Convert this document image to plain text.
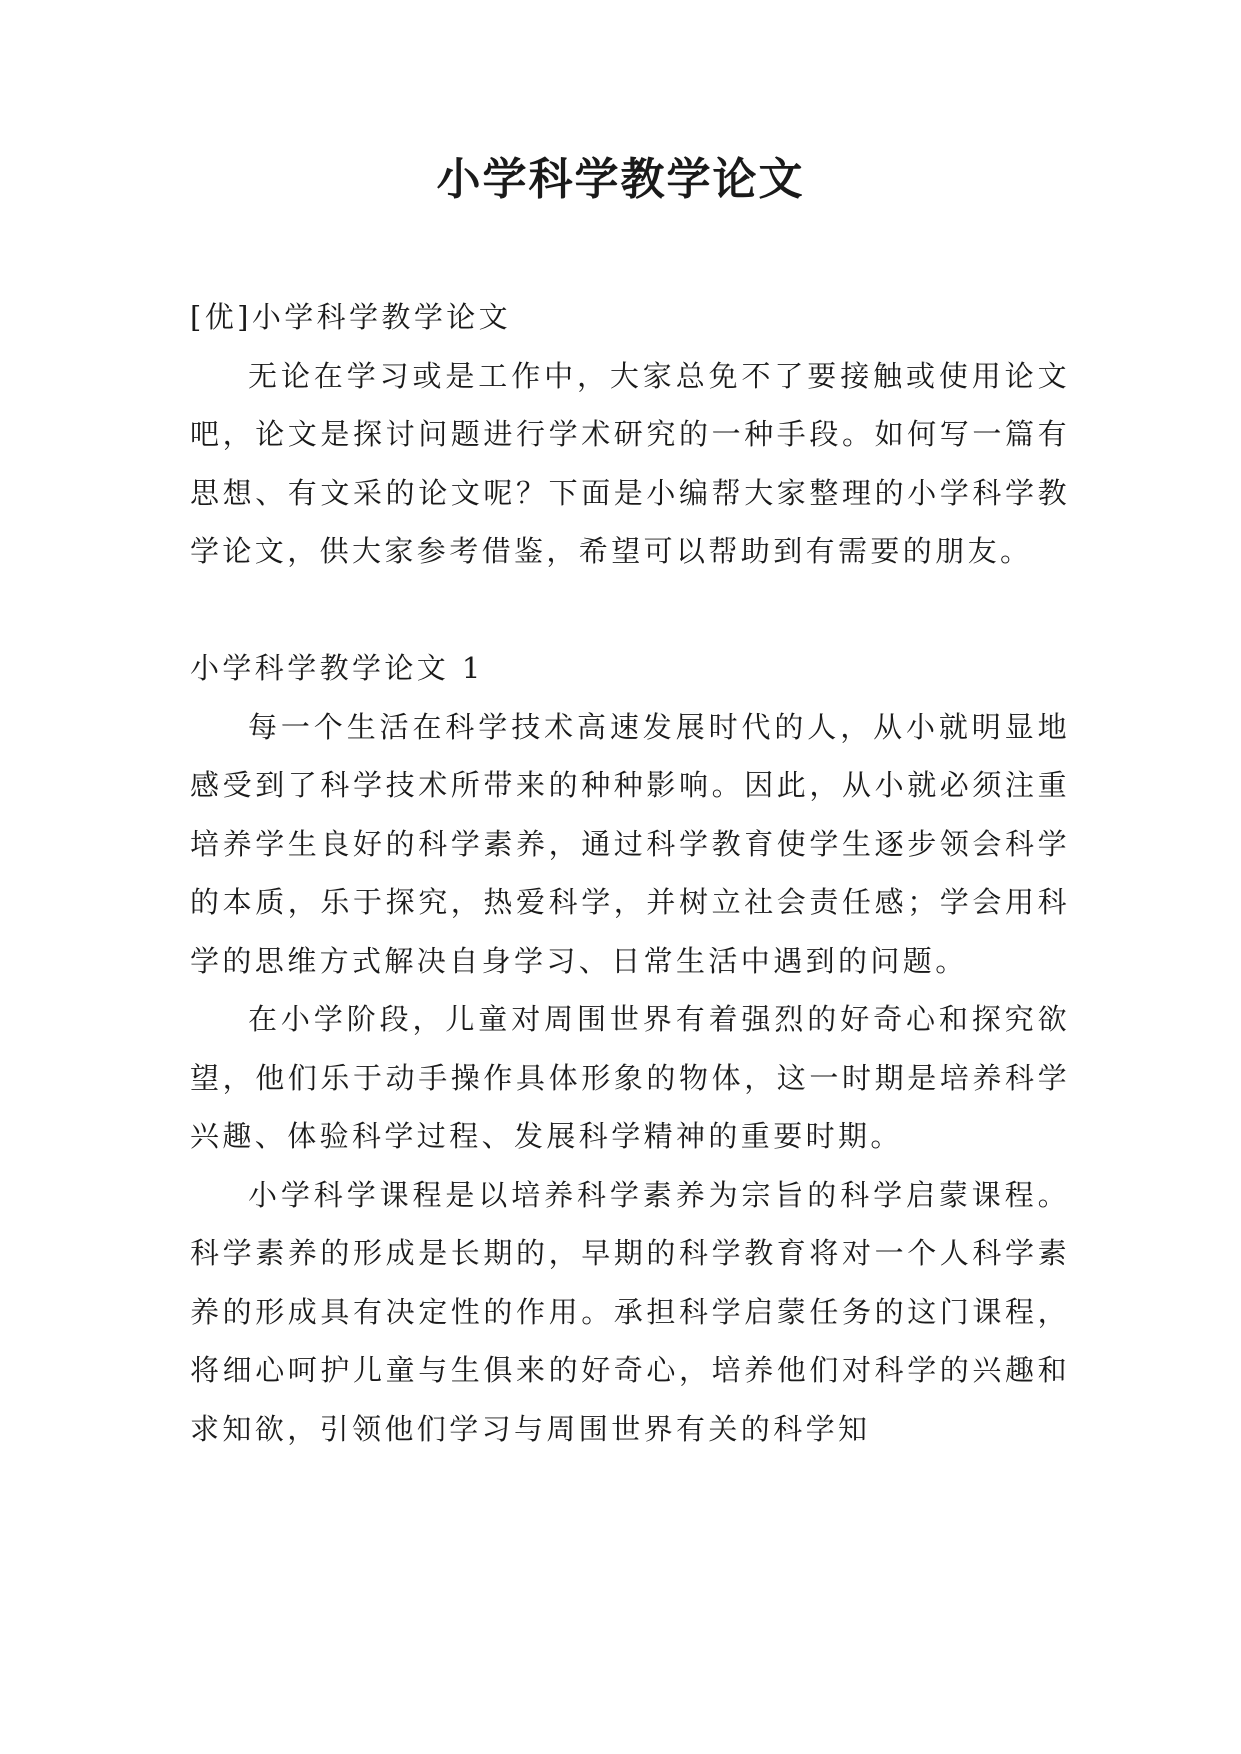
小学科学教学论文

[优]小学科学教学论文

无论在学习或是工作中，大家总免不了要接触或使用论文吧，论文是探讨问题进行学术研究的一种手段。如何写一篇有思想、有文采的论文呢？下面是小编帮大家整理的小学科学教学论文，供大家参考借鉴，希望可以帮助到有需要的朋友。

小学科学教学论文 1

每一个生活在科学技术高速发展时代的人，从小就明显地感受到了科学技术所带来的种种影响。因此，从小就必须注重培养学生良好的科学素养，通过科学教育使学生逐步领会科学的本质，乐于探究，热爱科学，并树立社会责任感；学会用科学的思维方式解决自身学习、日常生活中遇到的问题。

在小学阶段，儿童对周围世界有着强烈的好奇心和探究欲望，他们乐于动手操作具体形象的物体，这一时期是培养科学兴趣、体验科学过程、发展科学精神的重要时期。

小学科学课程是以培养科学素养为宗旨的科学启蒙课程。科学素养的形成是长期的，早期的科学教育将对一个人科学素养的形成具有决定性的作用。承担科学启蒙任务的这门课程，将细心呵护儿童与生俱来的好奇心，培养他们对科学的兴趣和求知欲，引领他们学习与周围世界有关的科学知
